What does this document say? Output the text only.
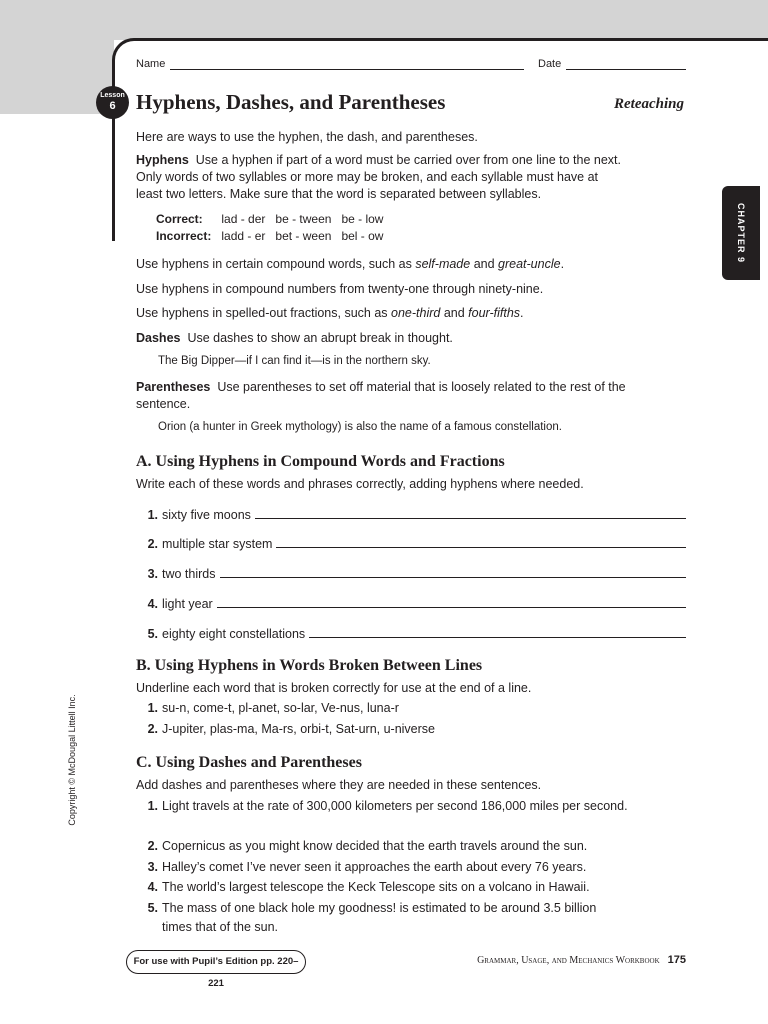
Name	Date
Lesson
6 Hyphens, Dashes, and Parentheses	Reteaching
CHAPTER 9
Copyright © McDougal Littell Inc.
Here are ways to use the hyphen, the dash, and parentheses.
Hyphens Use a hyphen if part of a word must be carried over from one line to the next. Only words of two syllables or more may be broken, and each syllable must have at least two letters. Make sure that the word is separated between syllables.
Correct:	lad - der	be - tween	be - low
Incorrect:	ladd - er	bet - ween	bel - ow
Use hyphens in certain compound words, such as self-made and great-uncle.
Use hyphens in compound numbers from twenty-one through ninety-nine.
Use hyphens in spelled-out fractions, such as one-third and four-fifths.
Dashes Use dashes to show an abrupt break in thought.
The Big Dipper—if I can find it—is in the northern sky.
Parentheses Use parentheses to set off material that is loosely related to the rest of the sentence.
Orion (a hunter in Greek mythology) is also the name of a famous constellation.
A. Using Hyphens in Compound Words and Fractions
Write each of these words and phrases correctly, adding hyphens where needed.
1. sixty five moons
2. multiple star system
3. two thirds
4. light year
5. eighty eight constellations
B. Using Hyphens in Words Broken Between Lines
Underline each word that is broken correctly for use at the end of a line.
1. su-n, come-t, pl-anet, so-lar, Ve-nus, luna-r
2. J-upiter, plas-ma, Ma-rs, orbi-t, Sat-urn, u-niverse
C. Using Dashes and Parentheses
Add dashes and parentheses where they are needed in these sentences.
1. Light travels at the rate of 300,000 kilometers per second 186,000 miles per second.
2. Copernicus as you might know decided that the earth travels around the sun.
3. Halley’s comet I’ve never seen it approaches the earth about every 76 years.
4. The world’s largest telescope the Keck Telescope sits on a volcano in Hawaii.
5. The mass of one black hole my goodness! is estimated to be around 3.5 billion times that of the sun.
For use with Pupil’s Edition pp. 220–221
Grammar, Usage, and Mechanics Workbook 175
